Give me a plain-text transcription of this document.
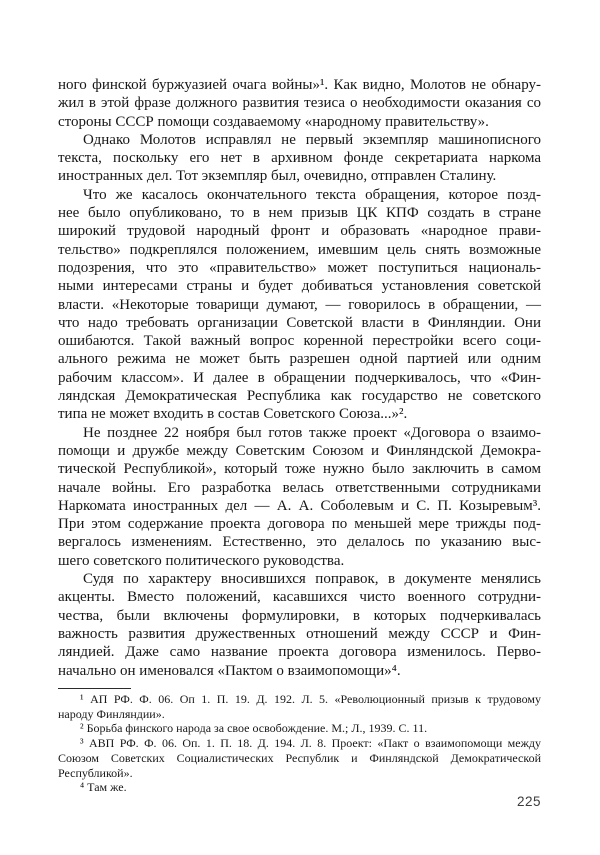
ного финской буржуазией очага войны»¹. Как видно, Молотов не обнару-
жил в этой фразе должного развития тезиса о необходимости оказания со
стороны СССР помощи создаваемому «народному правительству».
Однако Молотов исправлял не первый экземпляр машинописного
текста, поскольку его нет в архивном фонде секретариата наркома
иностранных дел. Тот экземпляр был, очевидно, отправлен Сталину.
Что же касалось окончательного текста обращения, которое позд-
нее было опубликовано, то в нем призыв ЦК КПФ создать в стране
широкий трудовой народный фронт и образовать «народное прави-
тельство» подкреплялся положением, имевшим цель снять возможные
подозрения, что это «правительство» может поступиться националь-
ными интересами страны и будет добиваться установления советской
власти. «Некоторые товарищи думают, — говорилось в обращении, —
что надо требовать организации Советской власти в Финляндии. Они
ошибаются. Такой важный вопрос коренной перестройки всего соци-
ального режима не может быть разрешен одной партией или одним
рабочим классом». И далее в обращении подчеркивалось, что «Фин-
ляндская Демократическая Республика как государство не советского
типа не может входить в состав Советского Союза...»².
Не позднее 22 ноября был готов также проект «Договора о взаимо-
помощи и дружбе между Советским Союзом и Финляндской Демокра-
тической Республикой», который тоже нужно было заключить в самом
начале войны. Его разработка велась ответственными сотрудниками
Наркомата иностранных дел — А. А. Соболевым и С. П. Козыревым³.
При этом содержание проекта договора по меньшей мере трижды под-
вергалось изменениям. Естественно, это делалось по указанию выс-
шего советского политического руководства.
Судя по характеру вносившихся поправок, в документе менялись
акценты. Вместо положений, касавшихся чисто военного сотрудни-
чества, были включены формулировки, в которых подчеркивалась
важность развития дружественных отношений между СССР и Фин-
ляндией. Даже само название проекта договора изменилось. Перво-
начально он именовался «Пактом о взаимопомощи»⁴.
¹ АП РФ. Ф. 06. Оп 1. П. 19. Д. 192. Л. 5. «Революционный призыв к трудовому
народу Финляндии».
² Борьба финского народа за свое освобождение. М.; Л., 1939. С. 11.
³ АВП РФ. Ф. 06. Оп. 1. П. 18. Д. 194. Л. 8. Проект: «Пакт о взаимопомощи между
Союзом Советских Социалистических Республик и Финляндской Демократической
Республикой».
⁴ Там же.
225
